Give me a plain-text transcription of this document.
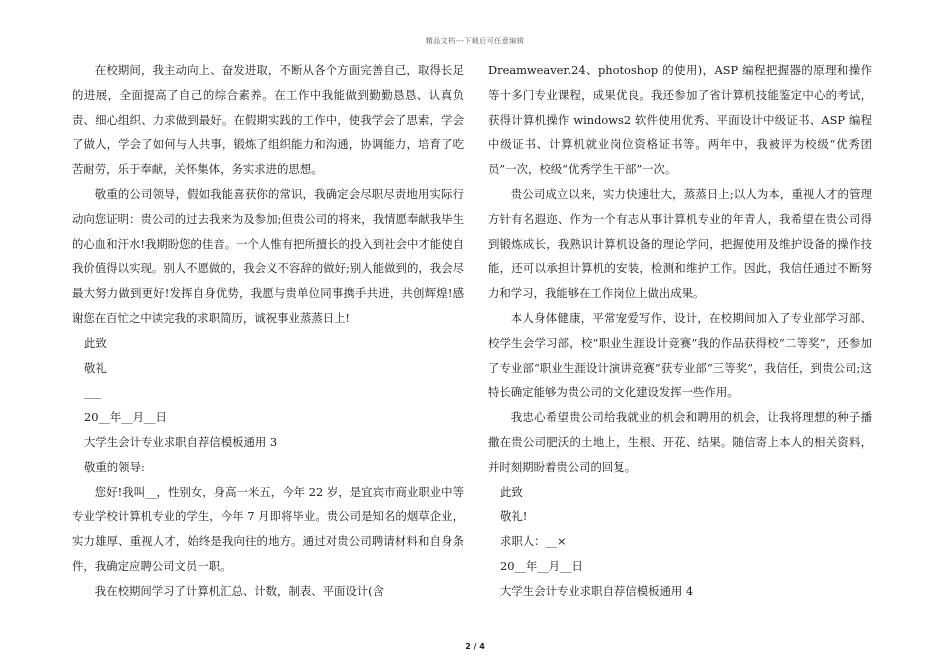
精品文档---下载后可任意编辑

在校期间，我主动向上、奋发进取，不断从各个方面完善自己，取得长足的进展，全面提高了自己的综合素养。在工作中我能做到勤勤恳恳、认真负责、细心组织、力求做到最好。在假期实践的工作中，使我学会了思索，学会了做人，学会了如何与人共事，锻炼了组织能力和沟通，协调能力，培育了吃苦耐劳，乐于奉献，关怀集体，务实求进的思想。

敬重的公司领导，假如我能喜获你的常识，我确定会尽职尽责地用实际行动向您证明：贵公司的过去我来为及参加;但贵公司的将来，我情愿奉献我毕生的心血和汗水!我期盼您的佳音。一个人惟有把所擅长的投入到社会中才能使自我价值得以实现。别人不愿做的，我会义不容辞的做好;别人能做到的，我会尽最大努力做到更好!发挥自身优势，我愿与贵单位同事携手共进，共创辉煌!感谢您在百忙之中读完我的求职简历，诚祝事业蒸蒸日上!

此致

敬礼

___

20__年__月__日

大学生会计专业求职自荐信模板通用 3

敬重的领导:

您好!我叫__，性别女，身高一米五，今年 22 岁，是宜宾市商业职业中等专业学校计算机专业的学生，今年 7 月即将毕业。贵公司是知名的烟草企业，实力雄厚、重视人才，始终是我向往的地方。通过对贵公司聘请材料和自身条件，我确定应聘公司文员一职。

我在校期间学习了计算机汇总、计数，制表、平面设计(含

Dreamweaver.24、photoshop 的使用)，ASP 编程把握器的原理和操作等十多门专业课程，成果优良。我还参加了省计算机技能鉴定中心的考试，获得计算机操作 windows2 软件使用优秀、平面设计中级证书、ASP 编程中级证书、计算机就业岗位资格证书等。两年中，我被评为校级“优秀团员”一次，校级“优秀学生干部”一次。

贵公司成立以来，实力快速壮大，蒸蒸日上;以人为本，重视人才的管理方针有名遐迩、作为一个有志从事计算机专业的年青人，我希望在贵公司得到锻炼成长，我熟识计算机设备的理论学问，把握使用及维护设备的操作技能，还可以承担计算机的安装，检测和维护工作。因此，我信任通过不断努力和学习，我能够在工作岗位上做出成果。

本人身体健康，平常宠爱写作，设计，在校期间加入了专业部学习部、校学生会学习部，校“职业生涯设计竞赛”我的作品获得校“二等奖”，还参加了专业部“职业生涯设计演讲竞赛”获专业部“三等奖”，我信任，到贵公司;这特长确定能够为贵公司的文化建设发挥一些作用。

我忠心希望贵公司给我就业的机会和聘用的机会，让我将理想的种子播撒在贵公司肥沃的土地上，生根、开花、结果。随信寄上本人的相关资料，并时刻期盼着贵公司的回复。

此致

敬礼!

求职人：__×

20__年__月__日

大学生会计专业求职自荐信模板通用 4

2 / 4
